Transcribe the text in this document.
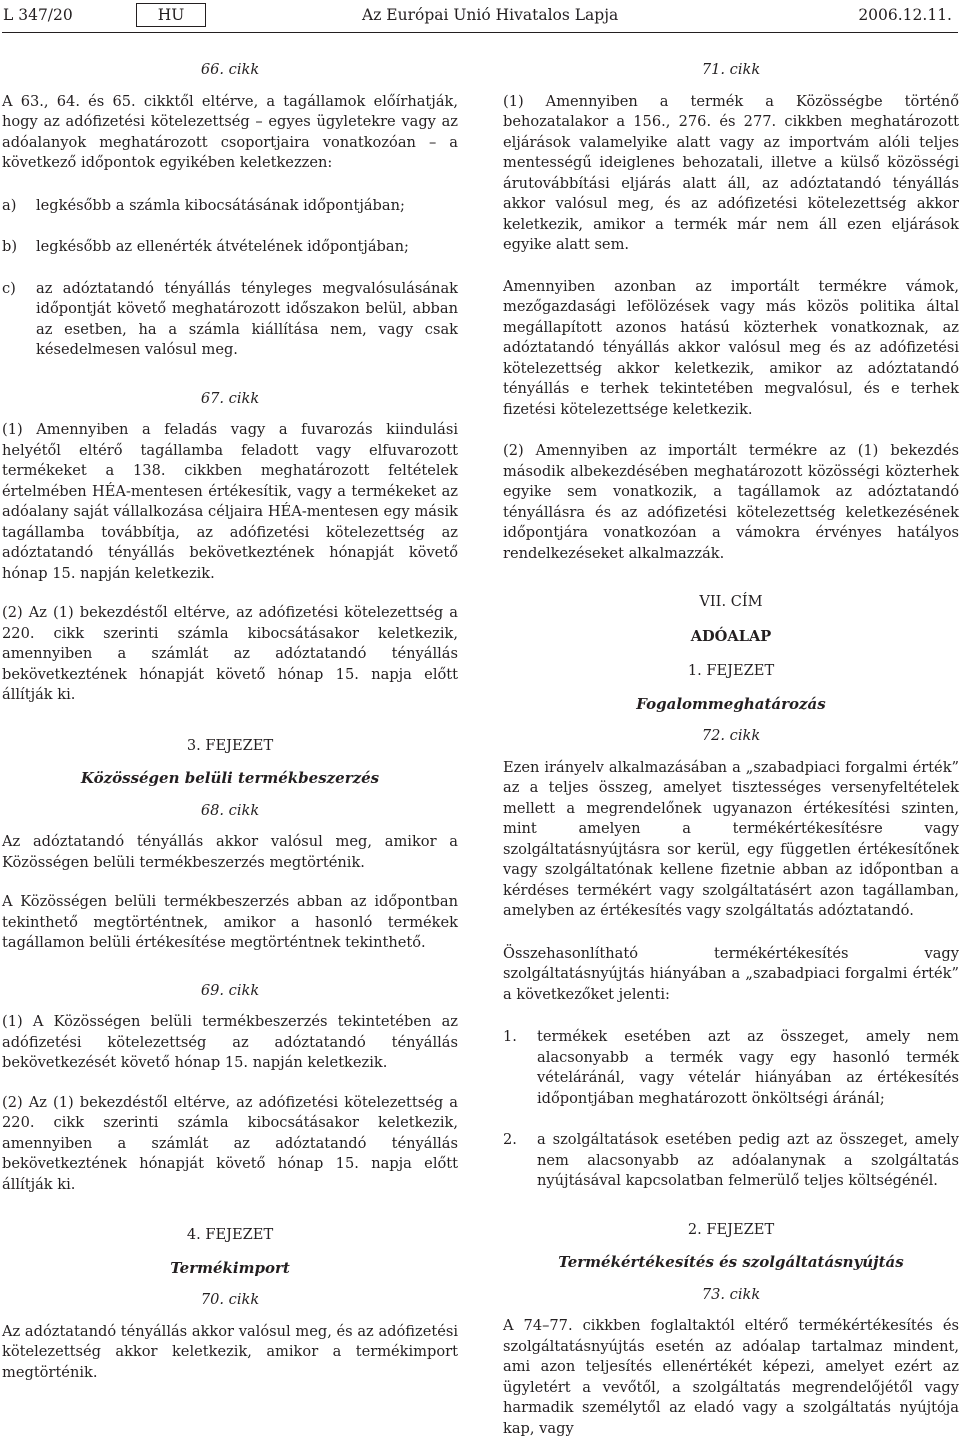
L 347/20	HU	Az Európai Unió Hivatalos Lapja	2006.12.11.

66. cikk

A 63., 64. és 65. cikktől eltérve, a tagállamok előírhatják, hogy az adófizetési kötelezettség – egyes ügyletekre vagy az adóalanyok meghatározott csoportjaira vonatkozóan – a következő időpontok egyikében keletkezzen:

a)	legkésőbb a számla kibocsátásának időpontjában;
b)	legkésőbb az ellenérték átvételének időpontjában;
c)	az adóztatandó tényállás tényleges megvalósulásának időpontját követő meghatározott időszakon belül, abban az esetben, ha a számla kiállítása nem, vagy csak késedelmesen valósul meg.

67. cikk

(1) Amennyiben a feladás vagy a fuvarozás kiindulási helyétől eltérő tagállamba feladott vagy elfuvarozott termékeket a 138. cikkben meghatározott feltételek értelmében HÉA-mentesen értékesítik, vagy a termékeket az adóalany saját vállalkozása céljaira HÉA-mentesen egy másik tagállamba továbbítja, az adófizetési kötelezettség az adóztatandó tényállás bekövetkeztének hónapját követő hónap 15. napján keletkezik.

(2) Az (1) bekezdéstől eltérve, az adófizetési kötelezettség a 220. cikk szerinti számla kibocsátásakor keletkezik, amennyiben a számlát az adóztatandó tényállás bekövetkeztének hónapját követő hónap 15. napja előtt állítják ki.

3. FEJEZET

Közösségen belüli termékbeszerzés

68. cikk

Az adóztatandó tényállás akkor valósul meg, amikor a Közösségen belüli termékbeszerzés megtörténik.

A Közösségen belüli termékbeszerzés abban az időpontban tekinthető megtörténtnek, amikor a hasonló termékek tagállamon belüli értékesítése megtörténtnek tekinthető.

69. cikk

(1) A Közösségen belüli termékbeszerzés tekintetében az adófizetési kötelezettség az adóztatandó tényállás bekövetkezését követő hónap 15. napján keletkezik.

(2) Az (1) bekezdéstől eltérve, az adófizetési kötelezettség a 220. cikk szerinti számla kibocsátásakor keletkezik, amennyiben a számlát az adóztatandó tényállás bekövetkeztének hónapját követő hónap 15. napja előtt állítják ki.

4. FEJEZET

Termékimport

70. cikk

Az adóztatandó tényállás akkor valósul meg, és az adófizetési kötelezettség akkor keletkezik, amikor a termékimport megtörténik.

71. cikk

(1) Amennyiben a termék a Közösségbe történő behozatalakor a 156., 276. és 277. cikkben meghatározott eljárások valamelyike alatt vagy az importvám alóli teljes mentességű ideiglenes behozatali, illetve a külső közösségi árutovábbítási eljárás alatt áll, az adóztatandó tényállás akkor valósul meg, és az adófizetési kötelezettség akkor keletkezik, amikor a termék már nem áll ezen eljárások egyike alatt sem.

Amennyiben azonban az importált termékre vámok, mezőgazdasági lefölözések vagy más közös politika által megállapított azonos hatású közterhek vonatkoznak, az adóztatandó tényállás akkor valósul meg és az adófizetési kötelezettség akkor keletkezik, amikor az adóztatandó tényállás e terhek tekintetében megvalósul, és e terhek fizetési kötelezettsége keletkezik.

(2) Amennyiben az importált termékre az (1) bekezdés második albekezdésében meghatározott közösségi közterhek egyike sem vonatkozik, a tagállamok az adóztatandó tényállásra és az adófizetési kötelezettség keletkezésének időpontjára vonatkozóan a vámokra érvényes hatályos rendelkezéseket alkalmazzák.

VII. CÍM

ADÓALAP

1. FEJEZET

Fogalommeghatározás

72. cikk

Ezen irányelv alkalmazásában a „szabadpiaci forgalmi érték” az a teljes összeg, amelyet tisztességes versenyfeltételek mellett a megrendelőnek ugyanazon értékesítési szinten, mint amelyen a termékértékesítésre vagy szolgáltatásnyújtásra sor kerül, egy független értékesítőnek vagy szolgáltatónak kellene fizetnie abban az időpontban a kérdéses termékért vagy szolgáltatásért azon tagállamban, amelyben az értékesítés vagy szolgáltatás adóztatandó.

Összehasonlítható termékértékesítés vagy szolgáltatásnyújtás hiányában a „szabadpiaci forgalmi érték” a következőket jelenti:

1.	termékek esetében azt az összeget, amely nem alacsonyabb a termék vagy egy hasonló termék vételáránál, vagy vételár hiányában az értékesítés időpontjában meghatározott önköltségi áránál;
2.	a szolgáltatások esetében pedig azt az összeget, amely nem alacsonyabb az adóalanynak a szolgáltatás nyújtásával kapcsolatban felmerülő teljes költségénél.

2. FEJEZET

Termékértékesítés és szolgáltatásnyújtás

73. cikk

A 74–77. cikkben foglaltaktól eltérő termékértékesítés és szolgáltatásnyújtás esetén az adóalap tartalmaz mindent, ami azon teljesítés ellenértékét képezi, amelyet ezért az ügyletért a vevőtől, a szolgáltatás megrendelőjétől vagy harmadik személytől az eladó vagy a szolgáltatás nyújtója kap, vagy
